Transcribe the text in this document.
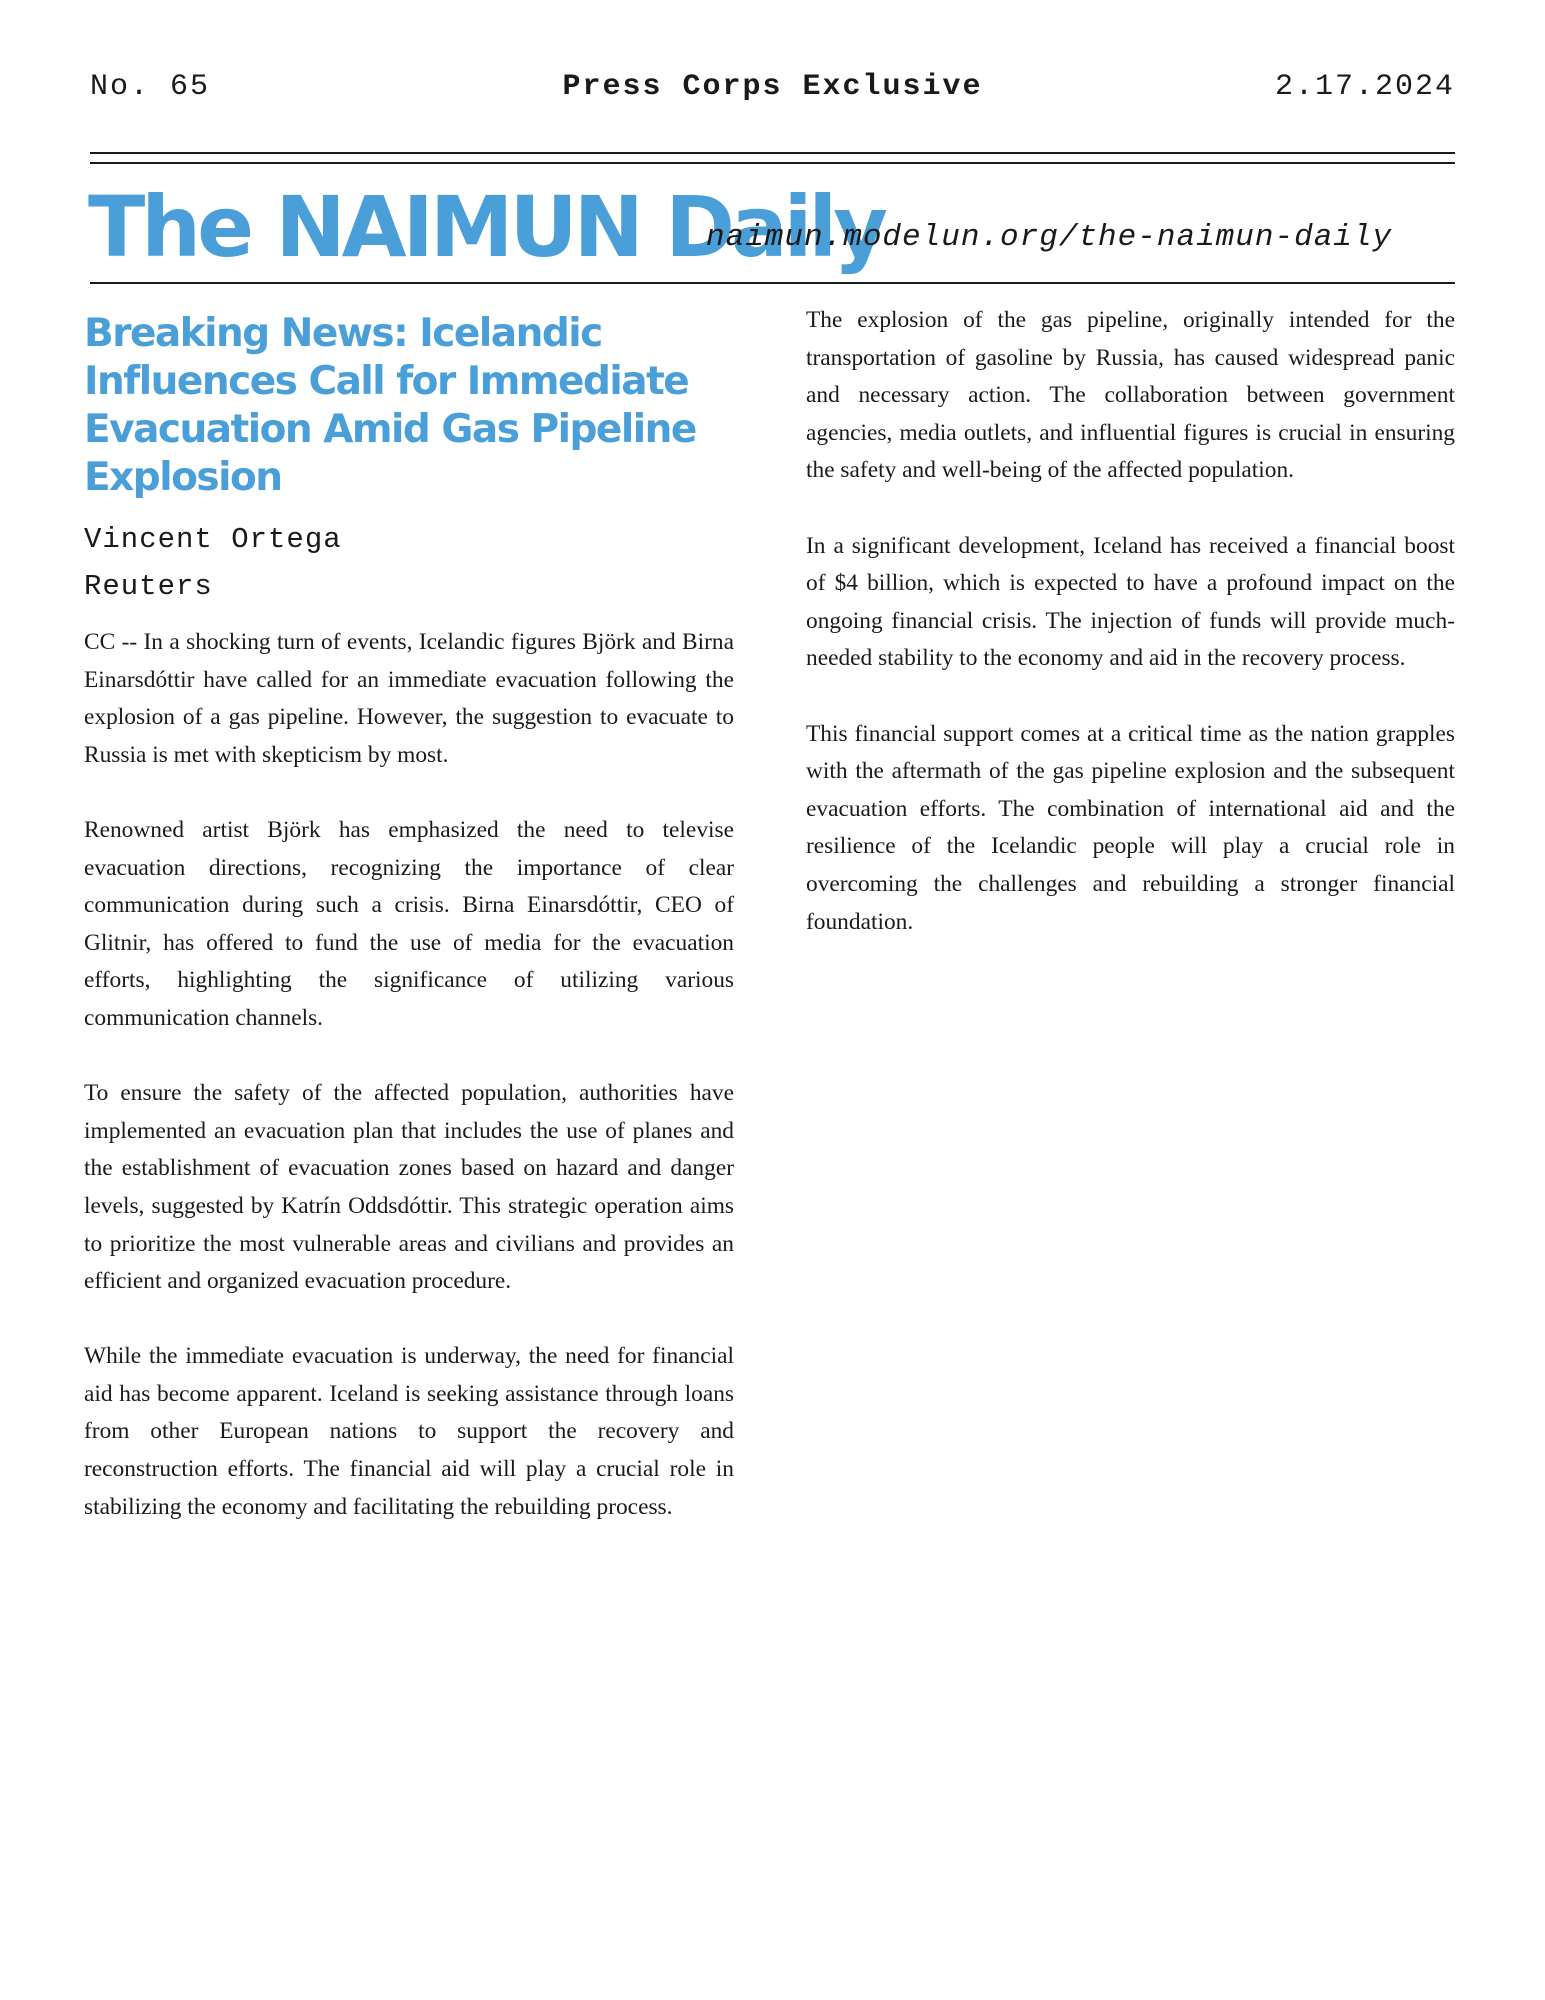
No. 65	Press Corps Exclusive	2.17.2024
The NAIMUN Daily
naimun.modelun.org/the-naimun-daily
Breaking News: Icelandic Influences Call for Immediate Evacuation Amid Gas Pipeline Explosion

Vincent Ortega

Reuters

CC -- In a shocking turn of events, Icelandic figures Björk and Birna Einarsdóttir have called for an immediate evacuation following the explosion of a gas pipeline. However, the suggestion to evacuate to Russia is met with skepticism by most.

Renowned artist Björk has emphasized the need to televise evacuation directions, recognizing the importance of clear communication during such a crisis. Birna Einarsdóttir, CEO of Glitnir, has offered to fund the use of media for the evacuation efforts, highlighting the significance of utilizing various communication channels.

To ensure the safety of the affected population, authorities have implemented an evacuation plan that includes the use of planes and the establishment of evacuation zones based on hazard and danger levels, suggested by Katrín Oddsdóttir. This strategic operation aims to prioritize the most vulnerable areas and civilians and provides an efficient and organized evacuation procedure.

While the immediate evacuation is underway, the need for financial aid has become apparent. Iceland is seeking assistance through loans from other European nations to support the recovery and reconstruction efforts. The financial aid will play a crucial role in stabilizing the economy and facilitating the rebuilding process.

The explosion of the gas pipeline, originally intended for the transportation of gasoline by Russia, has caused widespread panic and necessary action. The collaboration between government agencies, media outlets, and influential figures is crucial in ensuring the safety and well-being of the affected population.

In a significant development, Iceland has received a financial boost of $4 billion, which is expected to have a profound impact on the ongoing financial crisis. The injection of funds will provide much-needed stability to the economy and aid in the recovery process.

This financial support comes at a critical time as the nation grapples with the aftermath of the gas pipeline explosion and the subsequent evacuation efforts. The combination of international aid and the resilience of the Icelandic people will play a crucial role in overcoming the challenges and rebuilding a stronger financial foundation.
